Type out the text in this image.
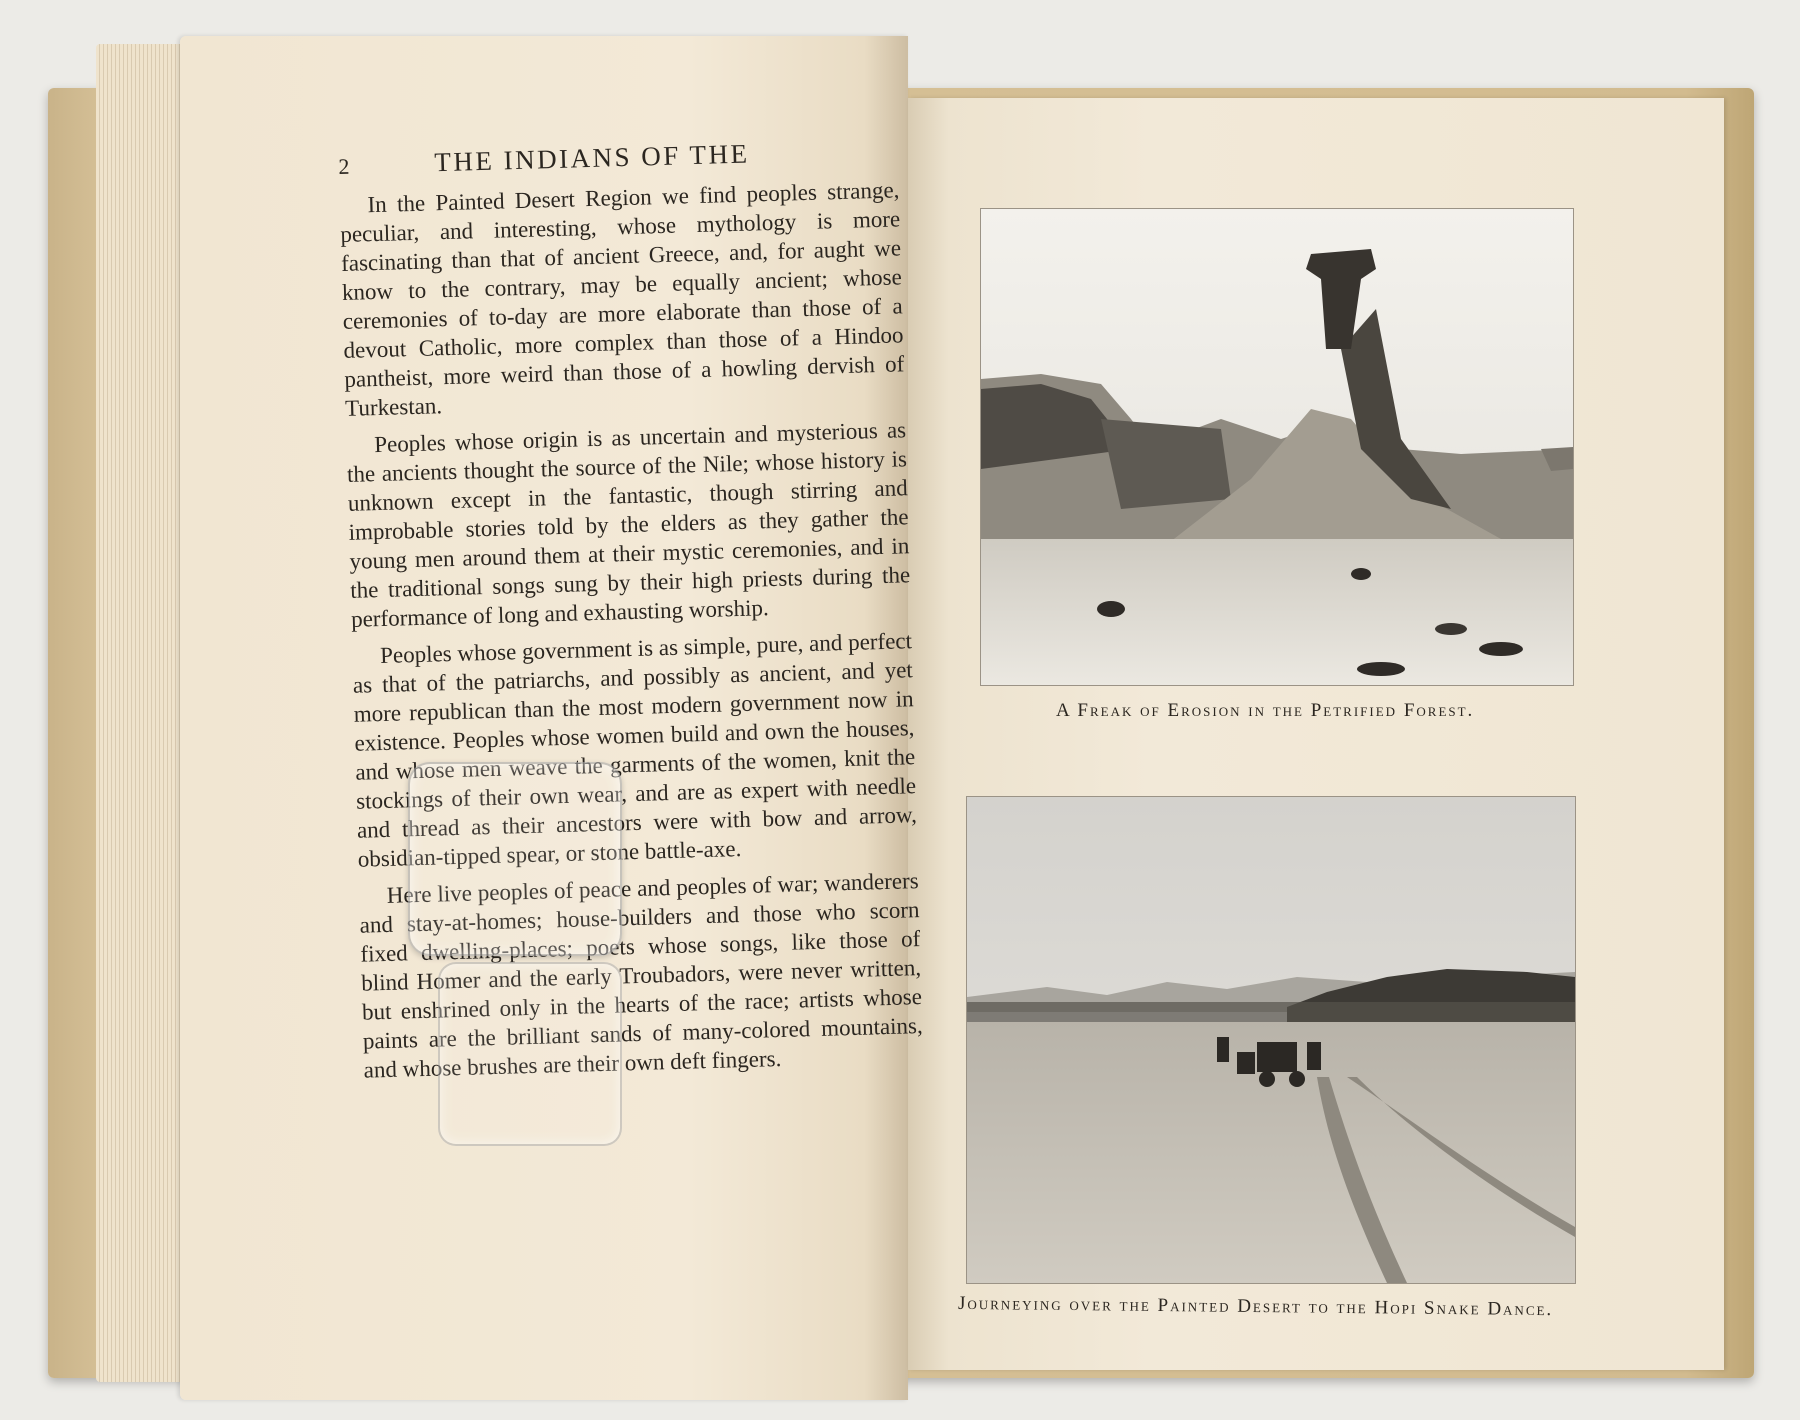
2	THE INDIANS OF THE

In the Painted Desert Region we find peoples strange, peculiar, and interesting, whose mythology is more fascinating than that of ancient Greece, and, for aught we know to the contrary, may be equally ancient; whose ceremonies of to-day are more elaborate than those of a devout Catholic, more complex than those of a Hindoo pantheist, more weird than those of a howling dervish of Turkestan.

Peoples whose origin is as uncertain and mysterious as the ancients thought the source of the Nile; whose history is unknown except in the fantastic, though stirring and improbable stories told by the elders as they gather the young men around them at their mystic ceremonies, and in the traditional songs sung by their high priests during the performance of long and exhausting worship.

Peoples whose government is as simple, pure, and perfect as that of the patriarchs, and possibly as ancient, and yet more republican than the most modern government now in existence. Peoples whose women build and own the houses, and whose men weave the garments of the women, knit the stockings of their own wear, and are as expert with needle and thread as their ancestors were with bow and arrow, obsidian-tipped spear, or stone battle-axe.

Here live peoples of peace and peoples of war; wanderers and stay-at-homes; house-builders and those who scorn fixed dwelling-places; poets whose songs, like those of blind Homer and the early Troubadors, were never written, but enshrined only in the hearts of the race; artists whose paints are the brilliant sands of many-colored mountains, and whose brushes are their own deft fingers.

A Freak of Erosion in the Petrified Forest.
Journeying over the Painted Desert to the Hopi Snake Dance.
